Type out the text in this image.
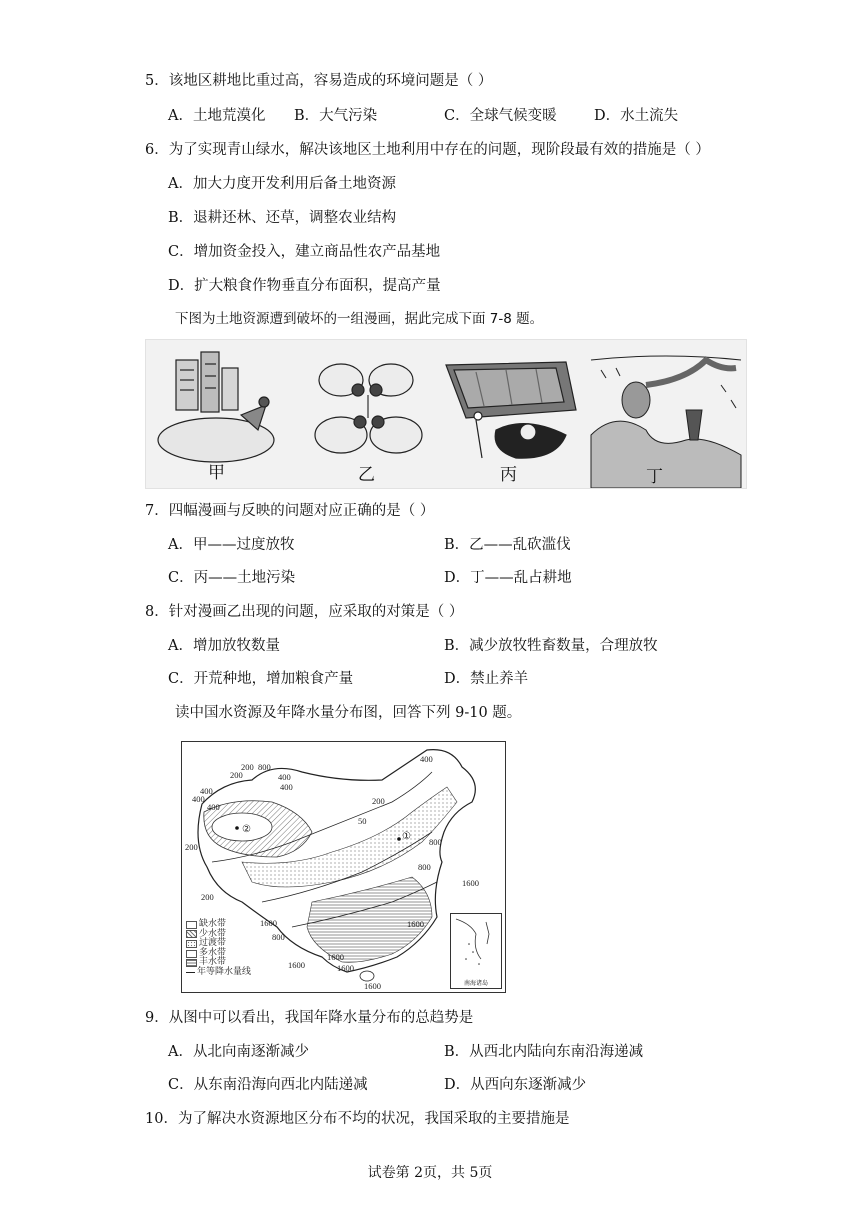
5．该地区耕地比重过高，容易造成的环境问题是（ ）
A．土地荒漠化 B．大气污染	C．全球气候变暖	D．水土流失
6．为了实现青山绿水，解决该地区土地利用中存在的问题，现阶段最有效的措施是（ ）
A．加大力度开发利用后备土地资源
B．退耕还林、还草，调整农业结构
C．增加资金投入，建立商品性农产品基地
D．扩大粮食作物垂直分布面积，提高产量
下图为土地资源遭到破坏的一组漫画，据此完成下面 7-8 题。
甲	乙	丙	丁
7．四幅漫画与反映的问题对应正确的是（ ）
A．甲——过度放牧	B．乙——乱砍滥伐
C．丙——土地污染	D．丁——乱占耕地
8．针对漫画乙出现的问题，应采取的对策是（ ）
A．增加放牧数量	B．减少放牧牲畜数量，合理放牧
C．开荒种地，增加粮食产量	D．禁止养羊
读中国水资源及年降水量分布图，回答下列 9-10 题。
200 800
400
400
400
400
400
200
50
200	800
200
800
1600
1600
800
1600
1600
1600
1600
1600
400
200
②
①
缺水带
少水带
过渡带
多水带
丰水带
年等降水量线
南海诸岛
9．从图中可以看出，我国年降水量分布的总趋势是
A．从北向南逐渐减少	B．从西北内陆向东南沿海递减
C．从东南沿海向西北内陆递减	D．从西向东逐渐减少
10．为了解决水资源地区分布不均的状况，我国采取的主要措施是
试卷第 2页，共 5页
